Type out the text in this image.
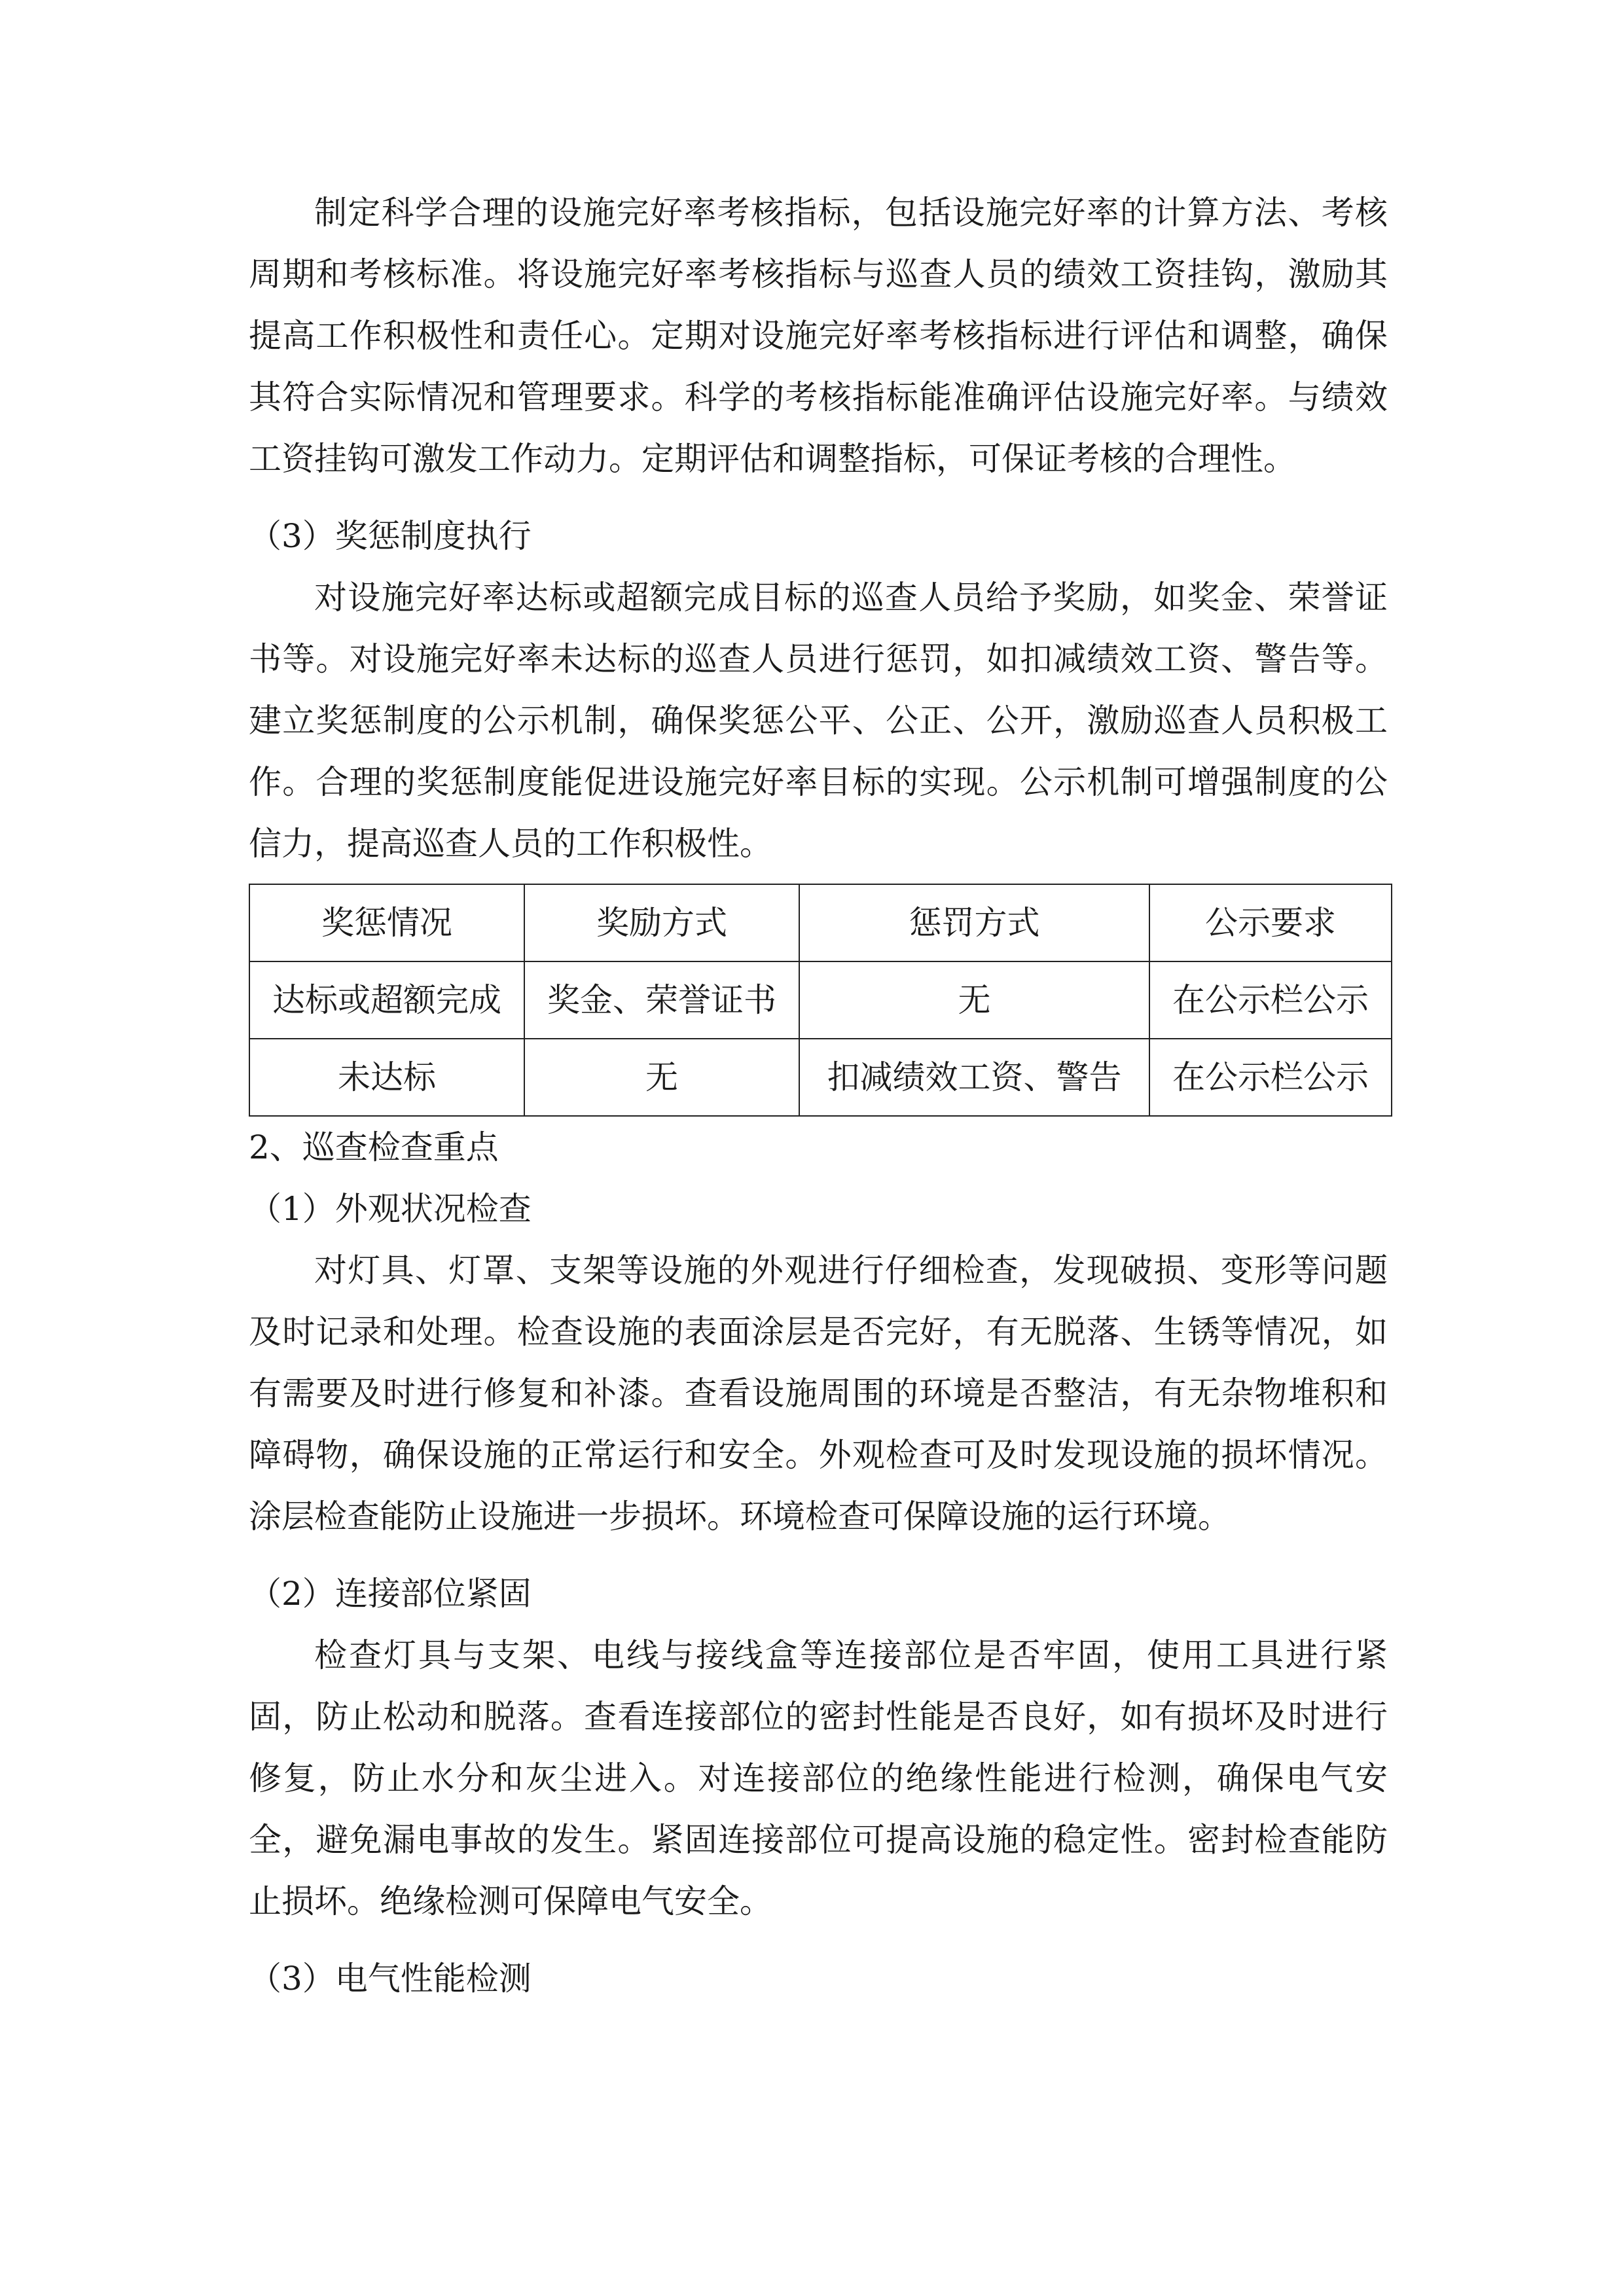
制定科学合理的设施完好率考核指标，包括设施完好率的计算方法、考核周期和考核标准。将设施完好率考核指标与巡查人员的绩效工资挂钩，激励其提高工作积极性和责任心。定期对设施完好率考核指标进行评估和调整，确保其符合实际情况和管理要求。科学的考核指标能准确评估设施完好率。与绩效工资挂钩可激发工作动力。定期评估和调整指标，可保证考核的合理性。

（3）奖惩制度执行

对设施完好率达标或超额完成目标的巡查人员给予奖励，如奖金、荣誉证书等。对设施完好率未达标的巡查人员进行惩罚，如扣减绩效工资、警告等。建立奖惩制度的公示机制，确保奖惩公平、公正、公开，激励巡查人员积极工作。合理的奖惩制度能促进设施完好率目标的实现。公示机制可增强制度的公信力，提高巡查人员的工作积极性。

奖惩情况	奖励方式	惩罚方式	公示要求
达标或超额完成	奖金、荣誉证书	无	在公示栏公示
未达标	无	扣减绩效工资、警告	在公示栏公示

2、巡查检查重点

（1）外观状况检查

对灯具、灯罩、支架等设施的外观进行仔细检查，发现破损、变形等问题及时记录和处理。检查设施的表面涂层是否完好，有无脱落、生锈等情况，如有需要及时进行修复和补漆。查看设施周围的环境是否整洁，有无杂物堆积和障碍物，确保设施的正常运行和安全。外观检查可及时发现设施的损坏情况。涂层检查能防止设施进一步损坏。环境检查可保障设施的运行环境。

（2）连接部位紧固

检查灯具与支架、电线与接线盒等连接部位是否牢固，使用工具进行紧固，防止松动和脱落。查看连接部位的密封性能是否良好，如有损坏及时进行修复，防止水分和灰尘进入。对连接部位的绝缘性能进行检测，确保电气安全，避免漏电事故的发生。紧固连接部位可提高设施的稳定性。密封检查能防止损坏。绝缘检测可保障电气安全。

（3）电气性能检测
